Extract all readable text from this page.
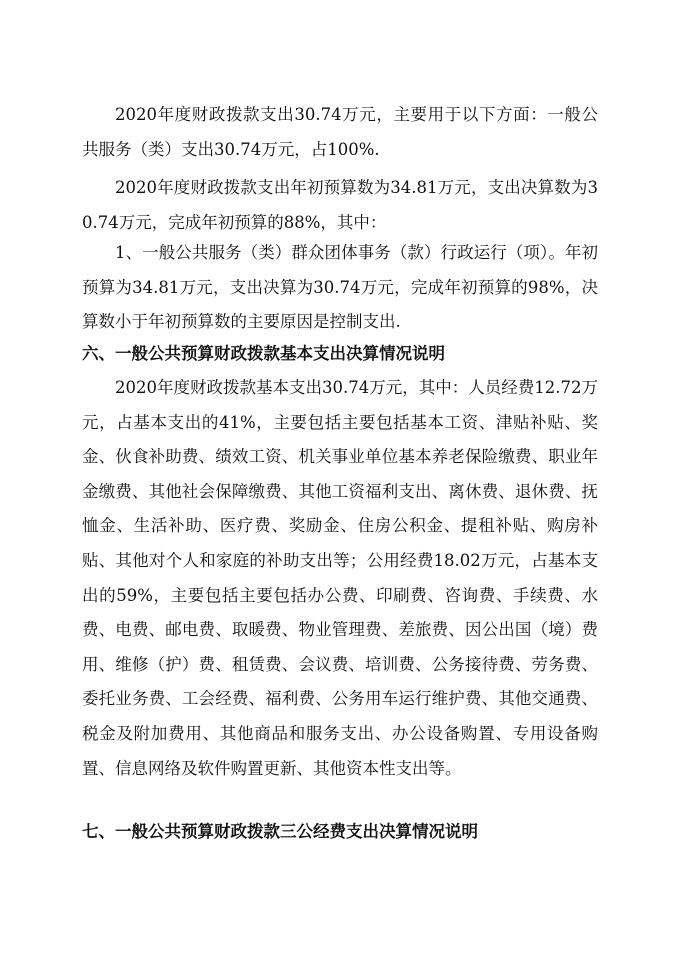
2020年度财政拨款支出30.74万元，主要用于以下方面：一般公共服务（类）支出30.74万元，占100%.

2020年度财政拨款支出年初预算数为34.81万元，支出决算数为30.74万元，完成年初预算的88%，其中：

1、一般公共服务（类）群众团体事务（款）行政运行（项）。年初预算为34.81万元，支出决算为30.74万元，完成年初预算的98%，决算数小于年初预算数的主要原因是控制支出.

六、一般公共预算财政拨款基本支出决算情况说明

2020年度财政拨款基本支出30.74万元，其中：人员经费12.72万元，占基本支出的41%，主要包括主要包括基本工资、津贴补贴、奖金、伙食补助费、绩效工资、机关事业单位基本养老保险缴费、职业年金缴费、其他社会保障缴费、其他工资福利支出、离休费、退休费、抚恤金、生活补助、医疗费、奖励金、住房公积金、提租补贴、购房补贴、其他对个人和家庭的补助支出等；公用经费18.02万元，占基本支出的59%，主要包括主要包括办公费、印刷费、咨询费、手续费、水费、电费、邮电费、取暖费、物业管理费、差旅费、因公出国（境）费用、维修（护）费、租赁费、会议费、培训费、公务接待费、劳务费、委托业务费、工会经费、福利费、公务用车运行维护费、其他交通费、税金及附加费用、其他商品和服务支出、办公设备购置、专用设备购置、信息网络及软件购置更新、其他资本性支出等。

七、一般公共预算财政拨款三公经费支出决算情况说明
